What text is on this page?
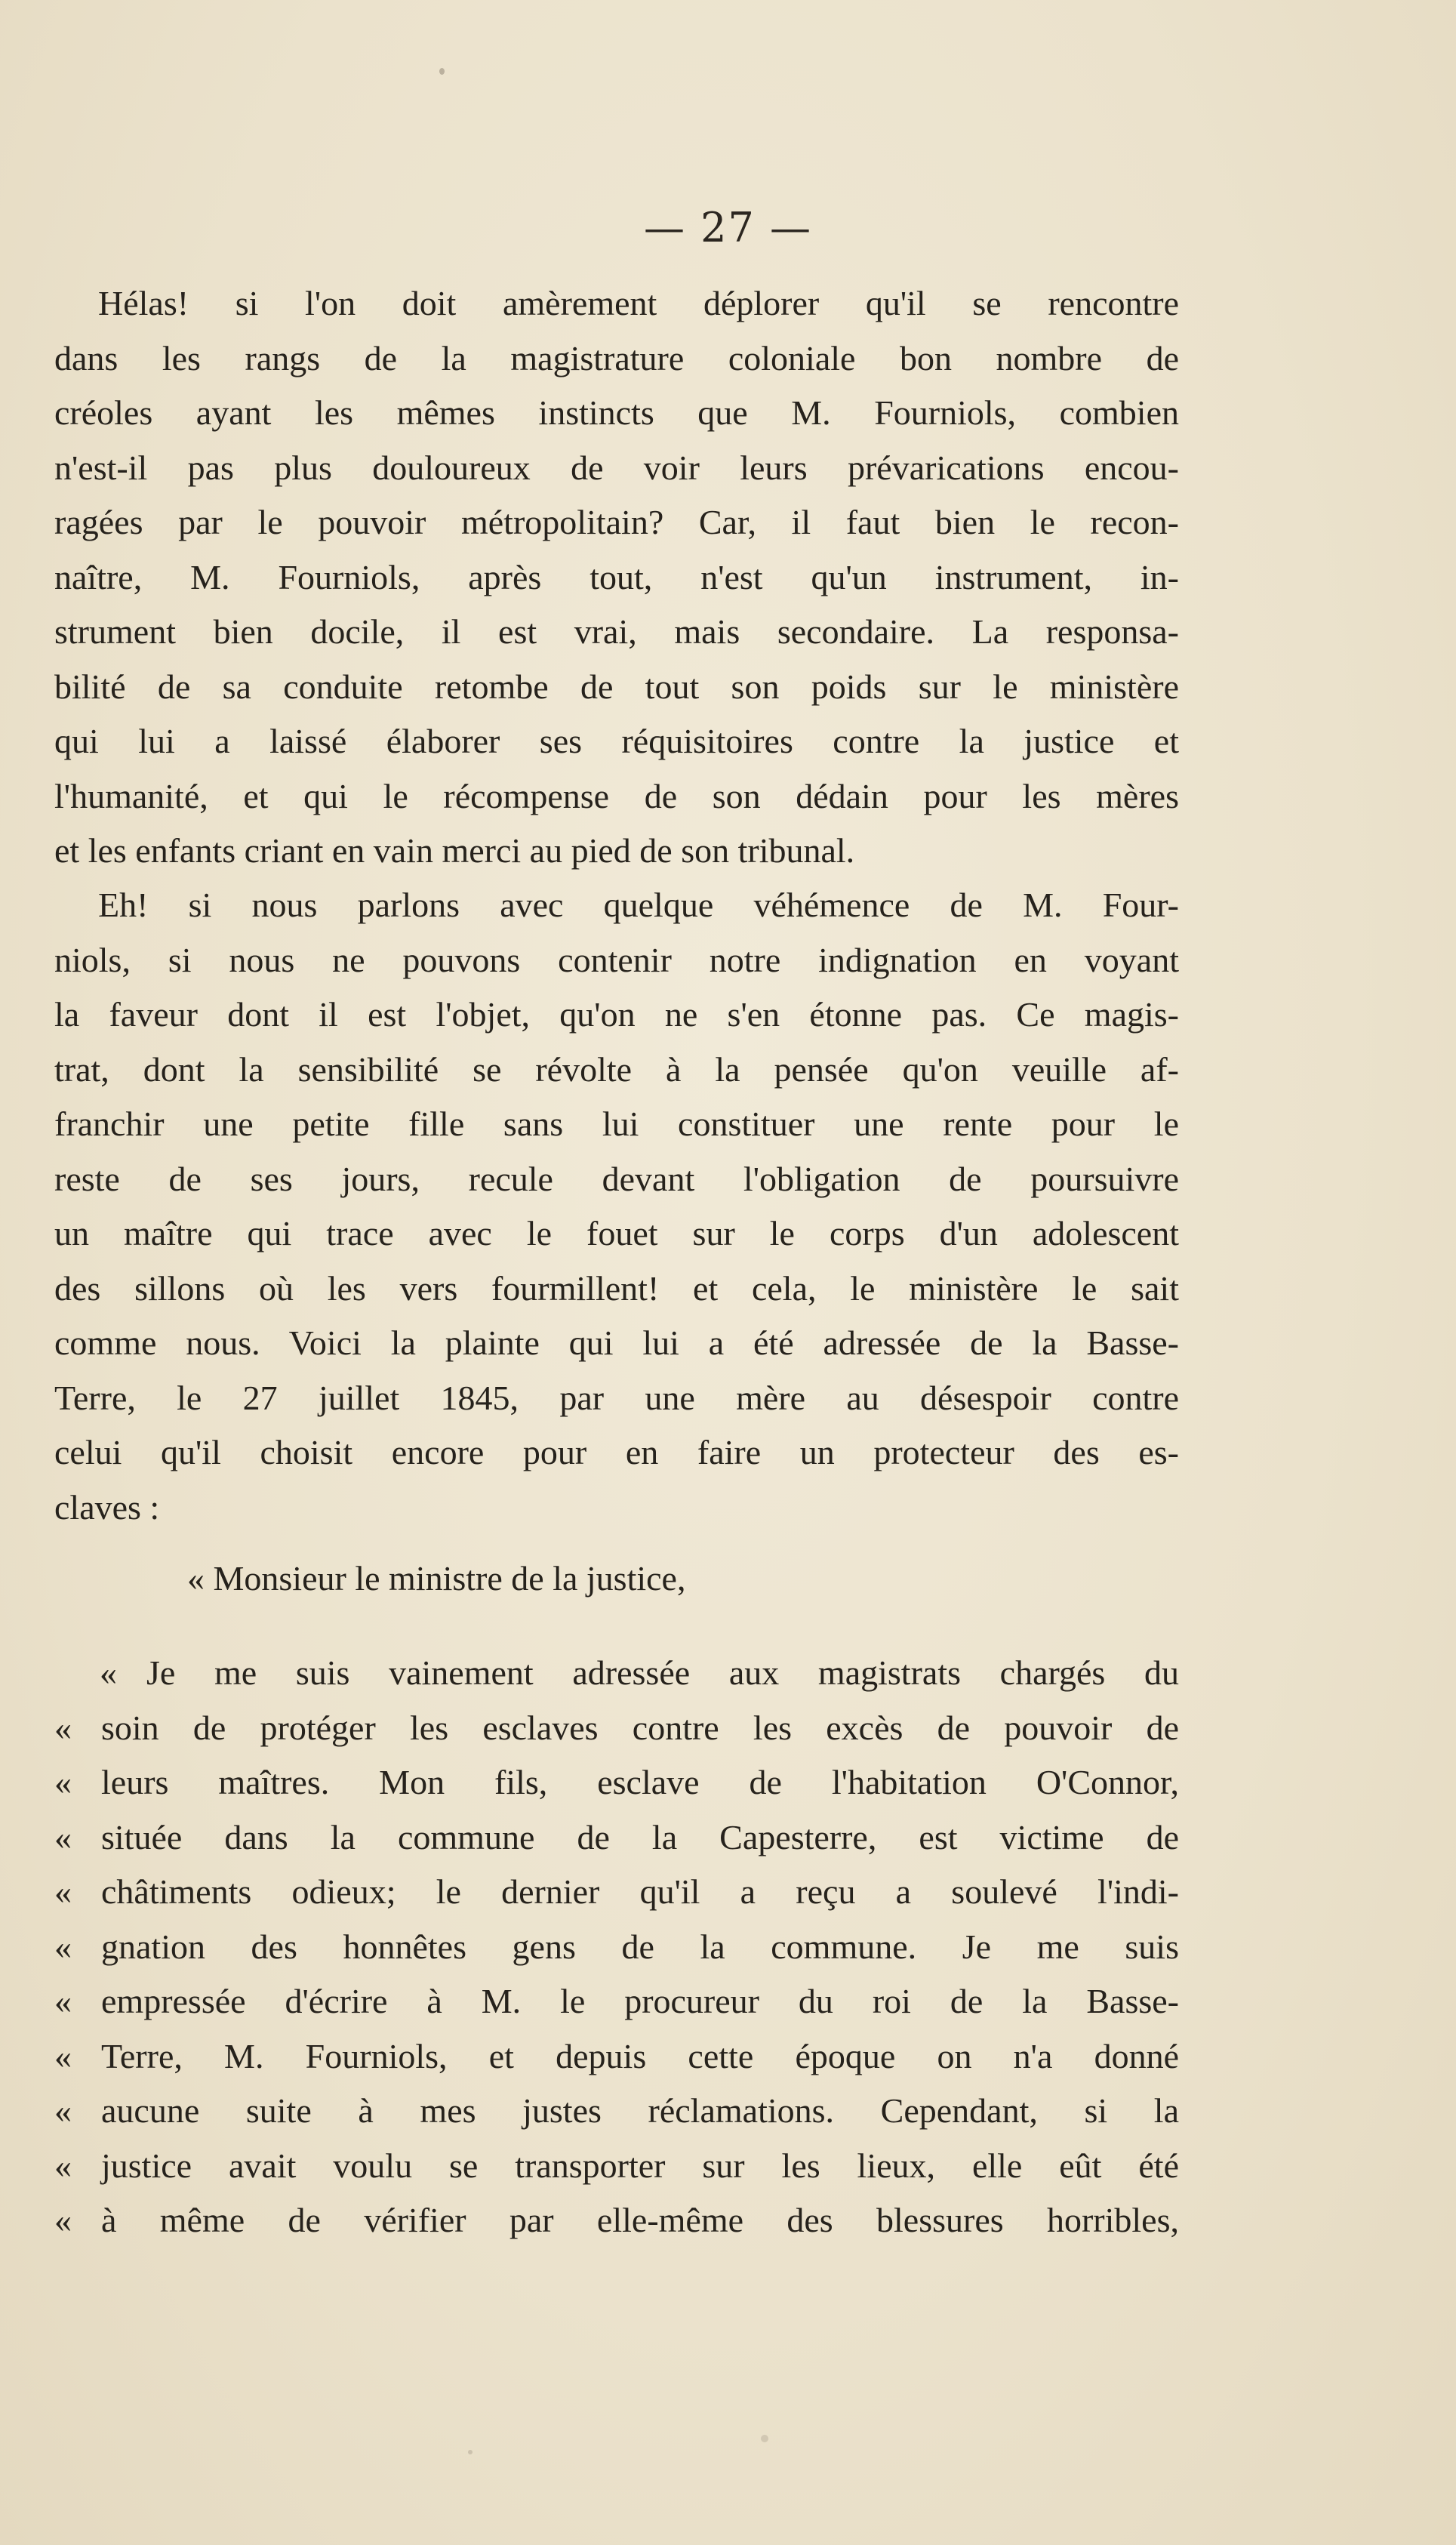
— 27 —
Hélas! si l'on doit amèrement déplorer qu'il se rencontre
dans les rangs de la magistrature coloniale bon nombre de
créoles ayant les mêmes instincts que M. Fourniols, combien
n'est-il pas plus douloureux de voir leurs prévarications encou-
ragées par le pouvoir métropolitain? Car, il faut bien le recon-
naître, M. Fourniols, après tout, n'est qu'un instrument, in-
strument bien docile, il est vrai, mais secondaire. La responsa-
bilité de sa conduite retombe de tout son poids sur le ministère
qui lui a laissé élaborer ses réquisitoires contre la justice et
l'humanité, et qui le récompense de son dédain pour les mères
et les enfants criant en vain merci au pied de son tribunal.
Eh! si nous parlons avec quelque véhémence de M. Four-
niols, si nous ne pouvons contenir notre indignation en voyant
la faveur dont il est l'objet, qu'on ne s'en étonne pas. Ce magis-
trat, dont la sensibilité se révolte à la pensée qu'on veuille af-
franchir une petite fille sans lui constituer une rente pour le
reste de ses jours, recule devant l'obligation de poursuivre
un maître qui trace avec le fouet sur le corps d'un adolescent
des sillons où les vers fourmillent! et cela, le ministère le sait
comme nous. Voici la plainte qui lui a été adressée de la Basse-
Terre, le 27 juillet 1845, par une mère au désespoir contre
celui qu'il choisit encore pour en faire un protecteur des es-
claves :
« Monsieur le ministre de la justice,
« Je me suis vainement adressée aux magistrats chargés du
« soin de protéger les esclaves contre les excès de pouvoir de
« leurs maîtres. Mon fils, esclave de l'habitation O'Connor,
« située dans la commune de la Capesterre, est victime de
« châtiments odieux; le dernier qu'il a reçu a soulevé l'indi-
« gnation des honnêtes gens de la commune. Je me suis
« empressée d'écrire à M. le procureur du roi de la Basse-
« Terre, M. Fourniols, et depuis cette époque on n'a donné
« aucune suite à mes justes réclamations. Cependant, si la
« justice avait voulu se transporter sur les lieux, elle eût été
« à même de vérifier par elle-même des blessures horribles,
